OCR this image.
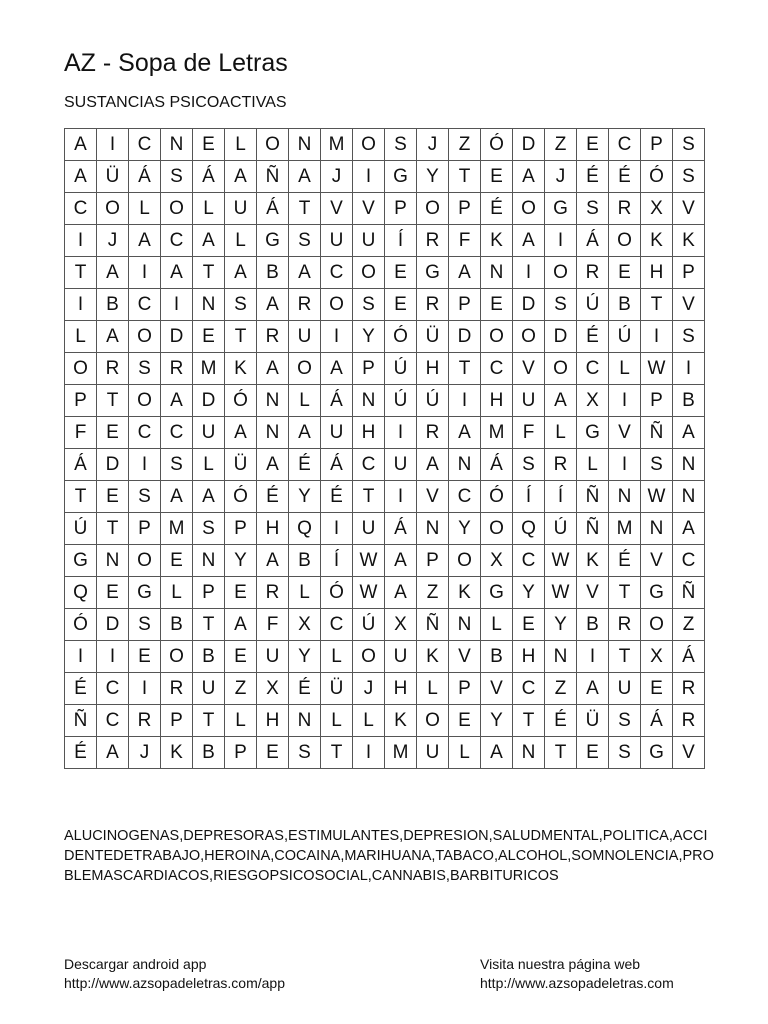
AZ - Sopa de Letras
SUSTANCIAS PSICOACTIVAS
A	I	C N E	L	O N M O S	J	Z Ó D	Z	E C P	S
A Ü Á	S	Á	A Ñ A	J	I	G Y	T	E	A	J	É	É Ó S
C O	L	O	L	U Á	T	V	V	P O P	É O G S R X	V
I	J	A C A	L	G S U U	Í	R	F	K	A	I	Á O K	K
T	A	I	A	T	A	B	A C O E G A N	I	O R E H P
I	B C	I	N S	A R O S	E R P	E D S Ú B	T	V
L	A O D E	T	R U	I	Y Ó Ü D O O D É Ú	I	S
O R S R M K	A O A	P Ú H	T	C V O C	L W	I
P	T O A D Ó N	L	Á N Ú Ú	I	H U A	X	I	P	B
F	E C C U A N A U H	I	R A M F	L	G V Ñ A
Á D	I	S	L	Ü A	É	Á C U A N Á	S R	L	I	S N
T	E	S	A	A Ó É	Y	É	T	I	V C Ó	Í	Í	Ñ N W N
Ú	T	P M S	P H Q	I	U Á N Y O Q Ú Ñ M N A
G N O E N Y	A	B	Í	W A	P O X C W K	É	V C
Q E G	L	P	E R	L	Ó W A	Z	K G Y W V	T G Ñ
Ó D S	B	T	A	F	X C Ú X Ñ N	L	E	Y	B R O Z
I	I	E O B	E U Y	L	O U K	V	B H N	I	T	X	Á
É C	I	R U	Z	X	É Ü	J	H	L	P	V C	Z	A U E R
Ñ C R P	T	L	H N	L	L	K O E	Y	T	É Ü S	Á R
É	A	J	K	B	P	E	S	T	I	M U	L	A N	T	E	S G V
ALUCINOGENAS,DEPRESORAS,ESTIMULANTES,DEPRESION,SALUDMENTAL,POLITICA,ACCIDENTEDETRABAJO,HEROINA,COCAINA,MARIHUANA,TABACO,ALCOHOL,SOMNOLENCIA,PROBLEMASCARDIACOS,RIESGOPSICOSOCIAL,CANNABIS,BARBITURICOS
Descargar android app
http://www.azsopadeletras.com/app
Visita nuestra página web
http://www.azsopadeletras.com
